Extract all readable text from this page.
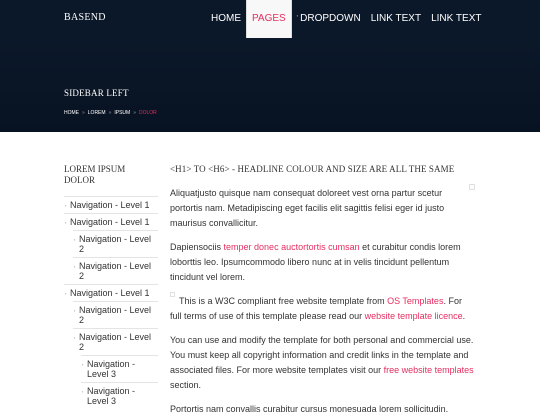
BASEND	HOME	PAGES	▪ DROPDOWN	LINK TEXT	LINK TEXT
SIDEBAR LEFT
HOME » LOREM » IPSUM » DOLOR
LOREM IPSUM DOLOR
▪ Navigation - Level 1
▪ Navigation - Level 1
▪ Navigation - Level 2
▪ Navigation - Level 2
▪ Navigation - Level 1
▪ Navigation - Level 2
▪ Navigation - Level 2
▪ Navigation - Level 3
▪ Navigation - Level 3
<H1> TO <H6> - HEADLINE COLOUR AND SIZE ARE ALL THE SAME

Aliquatjusto quisque nam consequat doloreet vest orna partur scetur portortis nam. Metadipiscing eget facilis elit sagittis felisi eger id justo maurisus convallicitur.

Dapiensociis temper donec auctortortis cumsan et curabitur condis lorem loborttis leo. Ipsumcommodo libero nunc at in velis tincidunt pellentum tincidunt vel lorem.

This is a W3C compliant free website template from OS Templates. For full terms of use of this template please read our website template licence.

You can use and modify the template for both personal and commercial use. You must keep all copyright information and credit links in the template and associated files. For more website templates visit our free website templates section.

Portortis nam convallis curabitur cursus monesuada lorem sollicitudin.
